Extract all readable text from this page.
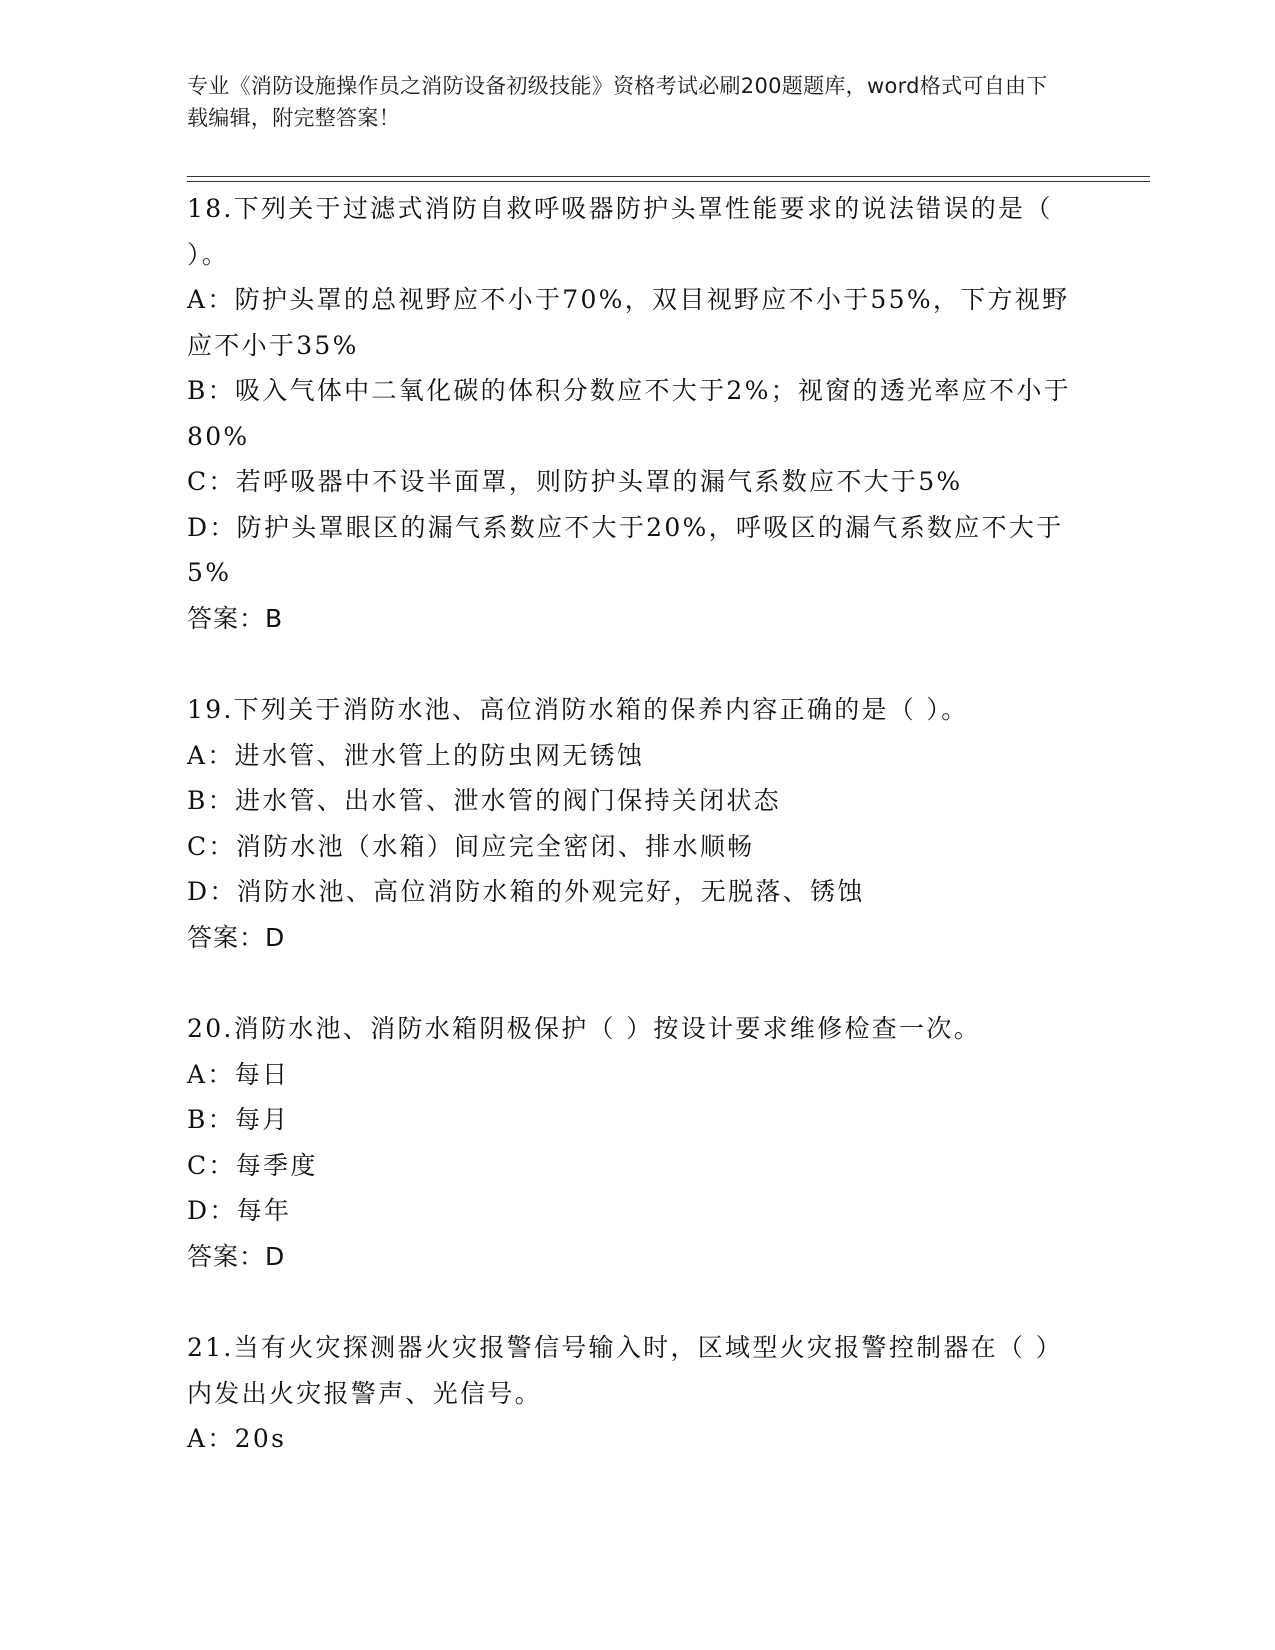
专业《消防设施操作员之消防设备初级技能》资格考试必刷200题题库，word格式可自由下载编辑，附完整答案！

18.下列关于过滤式消防自救呼吸器防护头罩性能要求的说法错误的是（ ）。

A：防护头罩的总视野应不小于70%，双目视野应不小于55%，下方视野应不小于35%

B：吸入气体中二氧化碳的体积分数应不大于2%；视窗的透光率应不小于80%

C：若呼吸器中不设半面罩，则防护头罩的漏气系数应不大于5%

D：防护头罩眼区的漏气系数应不大于20%，呼吸区的漏气系数应不大于5%

答案：B

19.下列关于消防水池、高位消防水箱的保养内容正确的是（ ）。

A：进水管、泄水管上的防虫网无锈蚀

B：进水管、出水管、泄水管的阀门保持关闭状态

C：消防水池（水箱）间应完全密闭、排水顺畅

D：消防水池、高位消防水箱的外观完好，无脱落、锈蚀

答案：D

20.消防水池、消防水箱阴极保护（ ）按设计要求维修检查一次。

A：每日

B：每月

C：每季度

D：每年

答案：D

21.当有火灾探测器火灾报警信号输入时，区域型火灾报警控制器在（ ）内发出火灾报警声、光信号。

A：20s
